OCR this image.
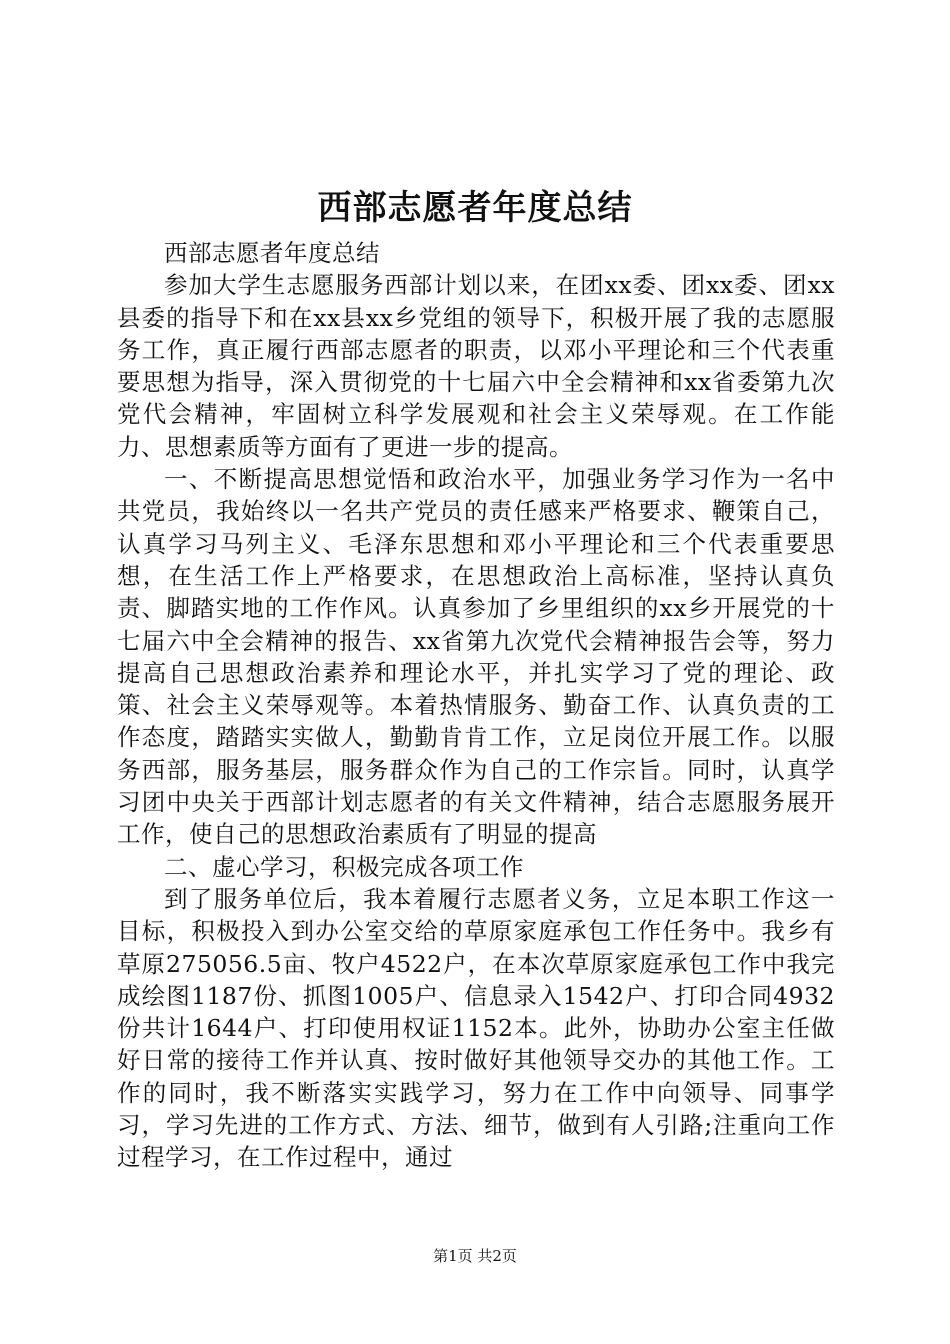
西部志愿者年度总结

西部志愿者年度总结

参加大学生志愿服务西部计划以来，在团xx委、团xx委、团xx县委的指导下和在xx县xx乡党组的领导下，积极开展了我的志愿服务工作，真正履行西部志愿者的职责，以邓小平理论和三个代表重要思想为指导，深入贯彻党的十七届六中全会精神和xx省委第九次党代会精神，牢固树立科学发展观和社会主义荣辱观。在工作能力、思想素质等方面有了更进一步的提高。

一、不断提高思想觉悟和政治水平，加强业务学习作为一名中共党员，我始终以一名共产党员的责任感来严格要求、鞭策自己，认真学习马列主义、毛泽东思想和邓小平理论和三个代表重要思想，在生活工作上严格要求，在思想政治上高标准，坚持认真负责、脚踏实地的工作作风。认真参加了乡里组织的xx乡开展党的十七届六中全会精神的报告、xx省第九次党代会精神报告会等，努力提高自己思想政治素养和理论水平，并扎实学习了党的理论、政策、社会主义荣辱观等。本着热情服务、勤奋工作、认真负责的工作态度，踏踏实实做人，勤勤肯肯工作，立足岗位开展工作。以服务西部，服务基层，服务群众作为自己的工作宗旨。同时，认真学习团中央关于西部计划志愿者的有关文件精神，结合志愿服务展开工作，使自己的思想政治素质有了明显的提高

二、虚心学习，积极完成各项工作

到了服务单位后，我本着履行志愿者义务，立足本职工作这一目标，积极投入到办公室交给的草原家庭承包工作任务中。我乡有草原275056.5亩、牧户4522户，在本次草原家庭承包工作中我完成绘图1187份、抓图1005户、信息录入1542户、打印合同4932份共计1644户、打印使用权证1152本。此外，协助办公室主任做好日常的接待工作并认真、按时做好其他领导交办的其他工作。工作的同时，我不断落实实践学习，努力在工作中向领导、同事学习，学习先进的工作方式、方法、细节，做到有人引路;注重向工作过程学习，在工作过程中，通过

第1页 共2页
